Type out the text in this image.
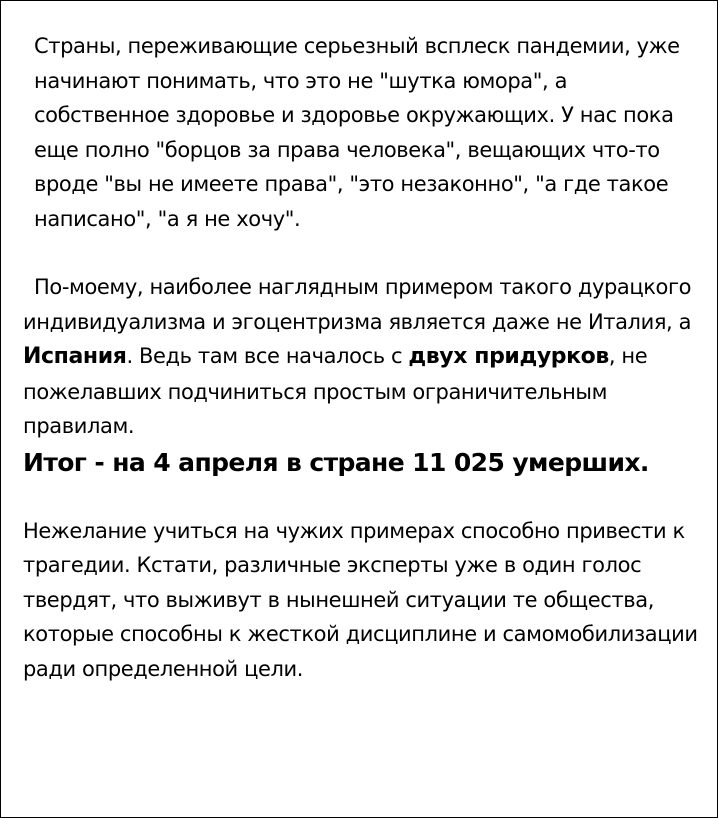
Страны, переживающие серьезный всплеск пандемии, уже начинают понимать, что это не "шутка юмора", а собственное здоровье и здоровье окружающих. У нас пока еще полно "борцов за права человека", вещающих что-то вроде "вы не имеете права", "это незаконно", "а где такое написано", "а я не хочу".

По-моему, наиболее наглядным примером такого дурацкого индивидуализма и эгоцентризма является даже не Италия, а Испания. Ведь там все началось с двух придурков, не пожелавших подчиниться простым ограничительным правилам.

Итог - на 4 апреля в стране 11 025 умерших.

Нежелание учиться на чужих примерах способно привести к трагедии. Кстати, различные эксперты уже в один голос твердят, что выживут в нынешней ситуации те общества, которые способны к жесткой дисциплине и самомобилизации ради определенной цели.
